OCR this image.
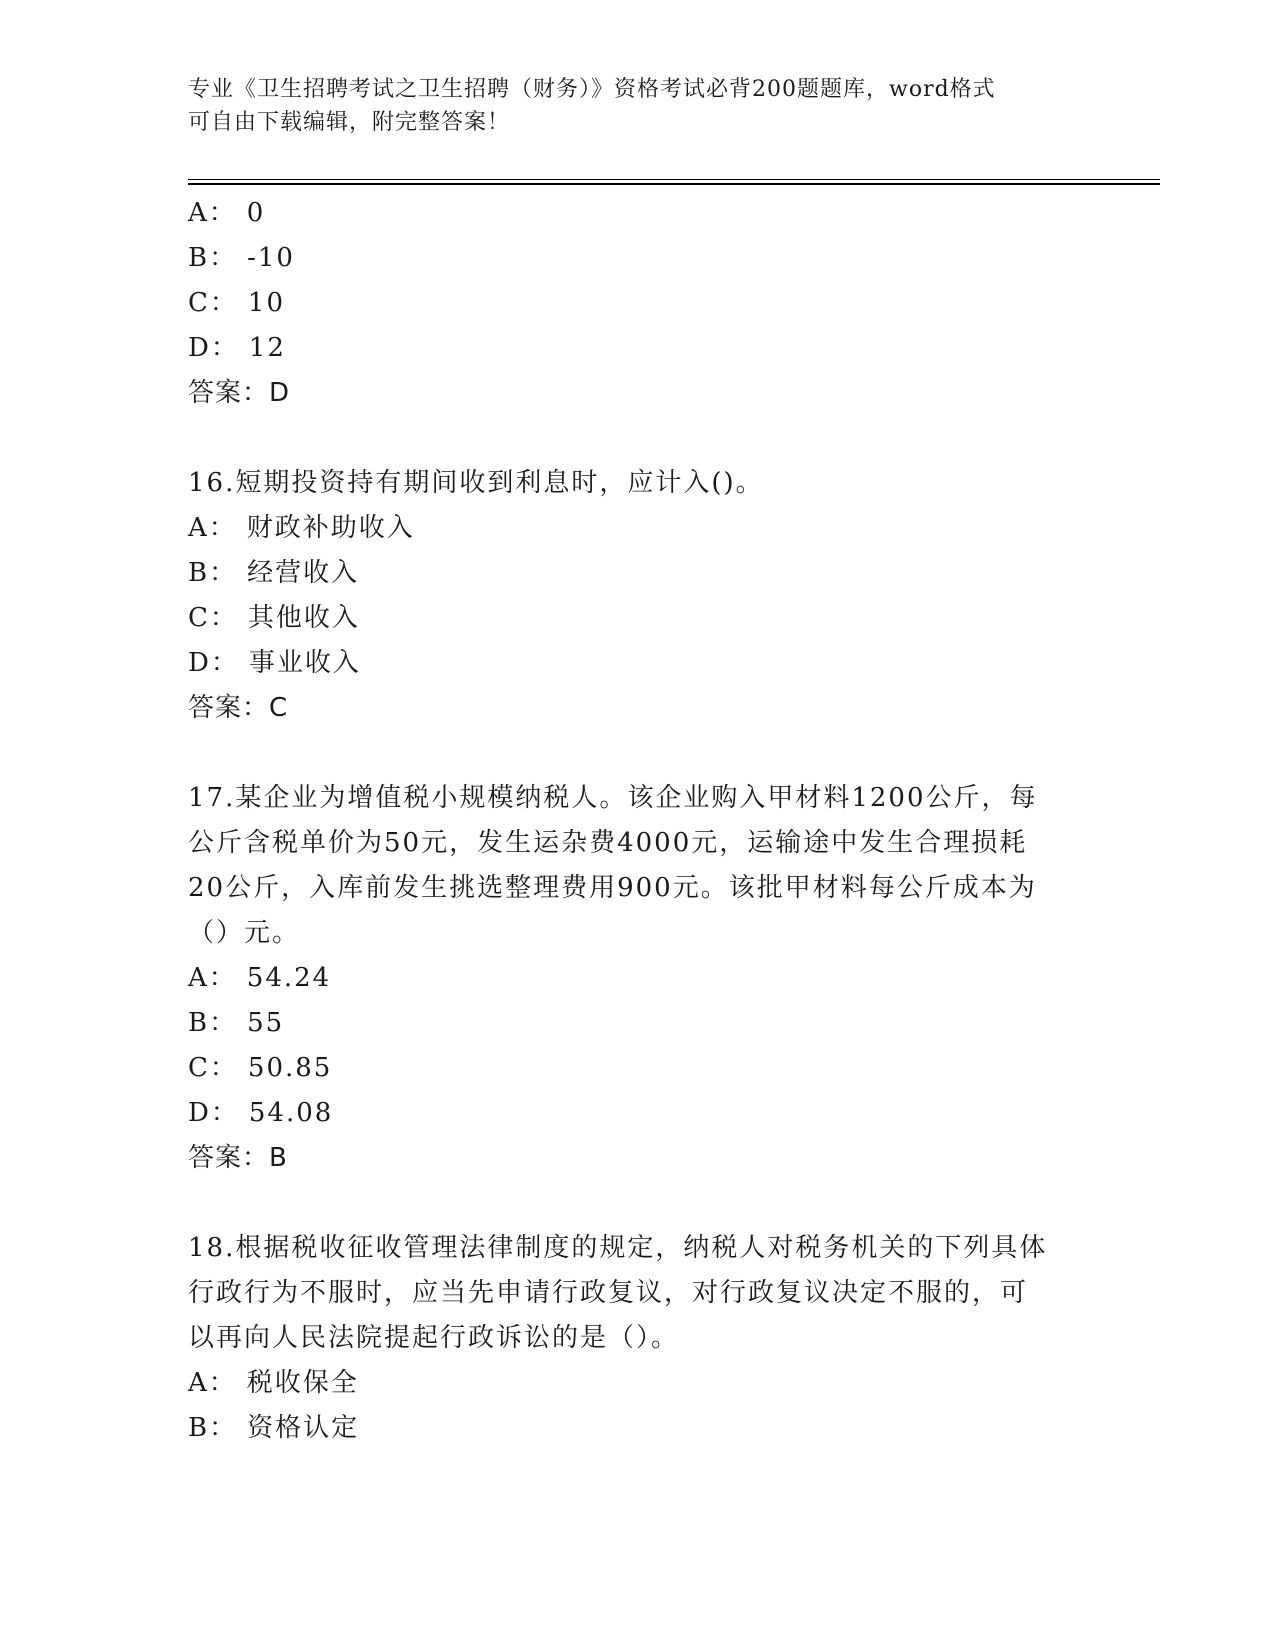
专业《卫生招聘考试之卫生招聘（财务）》资格考试必背200题题库，word格式
可自由下载编辑，附完整答案！
A： 0
B： -10
C： 10
D： 12
答案：D
16.短期投资持有期间收到利息时，应计入()。
A： 财政补助收入
B： 经营收入
C： 其他收入
D： 事业收入
答案：C
17.某企业为增值税小规模纳税人。该企业购入甲材料1200公斤，每
公斤含税单价为50元，发生运杂费4000元，运输途中发生合理损耗
20公斤，入库前发生挑选整理费用900元。该批甲材料每公斤成本为
（）元。
A： 54.24
B： 55
C： 50.85
D： 54.08
答案：B
18.根据税收征收管理法律制度的规定，纳税人对税务机关的下列具体
行政行为不服时，应当先申请行政复议，对行政复议决定不服的，可
以再向人民法院提起行政诉讼的是（）。
A： 税收保全
B： 资格认定
